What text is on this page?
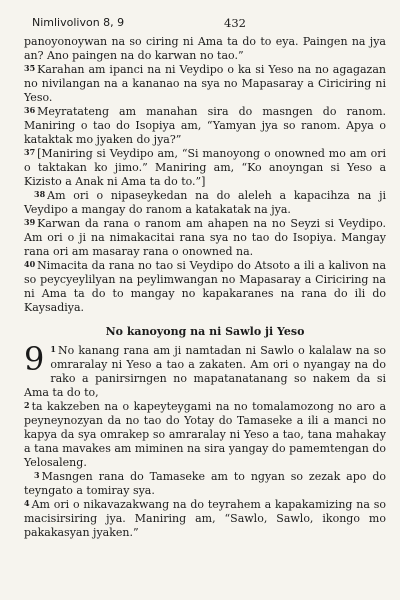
Nimlivolivon 8, 9	432

panoyonoywan na so ciring ni Ama ta do to eya. Paingen na jya an? Ano paingen na do karwan no tao.”

35 Karahan am ipanci na ni Veydipo o ka si Yeso na no agagazan no nivilangan na a kananao na sya no Mapasaray a Ciriciring ni Yeso.

36 Meyratateng am manahan sira do masngen do ranom. Maniring o tao do Isopiya am, “Yamyan jya so ranom. Apya o kataktak mo jyaken do jya?”

37 [Maniring si Veydipo am, “Si manoyong o onowned mo am ori o taktakan ko jimo.” Maniring am, “Ko anoyngan si Yeso a Kizisto a Anak ni Ama ta do to.”]

38 Am ori o nipaseykedan na do aleleh a kapacihza na ji Veydipo a mangay do ranom a katakatak na jya.

39 Karwan da rana o ranom am ahapen na no Seyzi si Veydipo. Am ori o ji na nimakacitai rana sya no tao do Isopiya. Mangay rana ori am masaray rana o onowned na.

40 Nimacita da rana no tao si Veydipo do Atsoto a ili a kalivon na so peycyeylilyan na peylimwangan no Mapasaray a Ciriciring na ni Ama ta do to mangay no kapakaranes na rana do ili do Kaysadiya.

No kanoyong na ni Sawlo ji Yeso

9 1 No kanang rana am ji namtadan ni Sawlo o kalalaw na so omraralay ni Yeso a tao a zakaten. Am ori o nyangay na do rako a panirsirngen no mapatanatanang so nakem da si Ama ta do to,

2 ta kakzeben na o kapeyteygami na no tomalamozong no aro a peyneynozyan da no tao do Yotay do Tamaseke a ili a manci no kapya da sya omrakep so amraralay ni Yeso a tao, tana mahakay a tana mavakes am miminen na sira yangay do pamemtengan do Yelosaleng.

3 Masngen rana do Tamaseke am to ngyan so zezak apo do teyngato a tomiray sya.

4 Am ori o nikavazakwang na do teyrahem a kapakamizing na so macisirsiring jya. Maniring am, “Sawlo, Sawlo, ikongo mo pakakasyan jyaken.”
